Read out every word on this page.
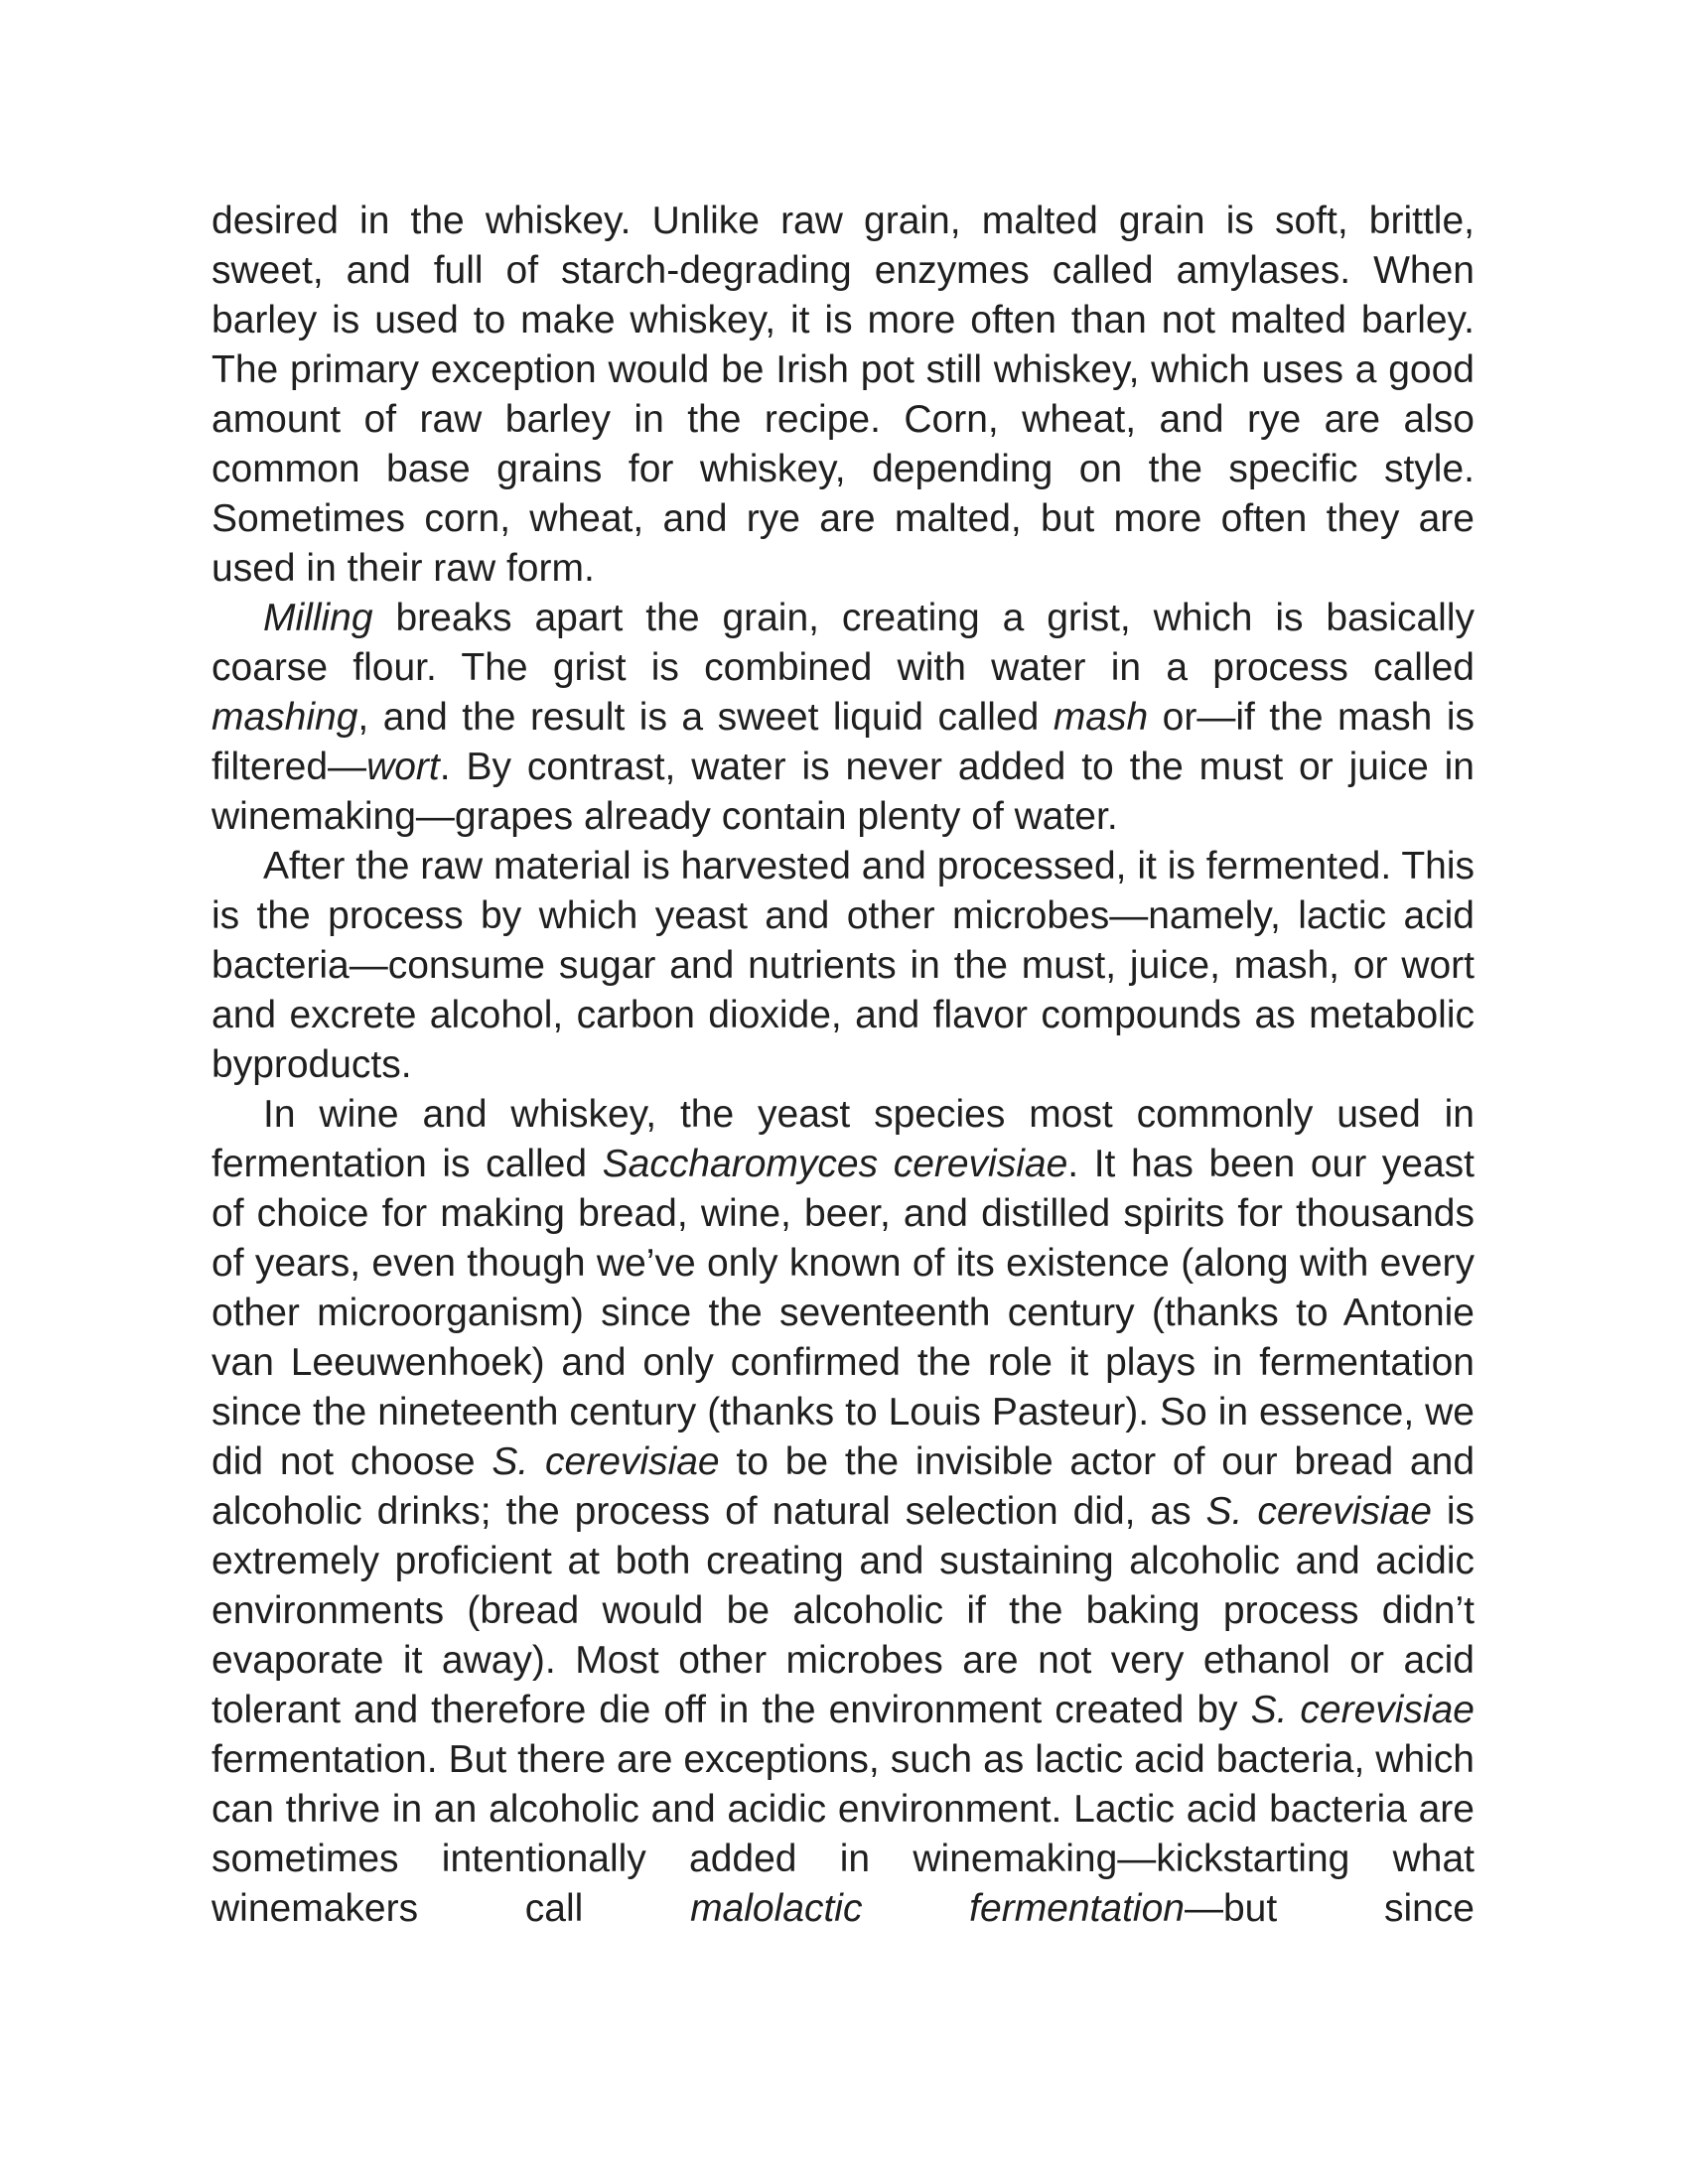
desired in the whiskey. Unlike raw grain, malted grain is soft, brittle, sweet, and full of starch-degrading enzymes called amylases. When barley is used to make whiskey, it is more often than not malted barley. The primary exception would be Irish pot still whiskey, which uses a good amount of raw barley in the recipe. Corn, wheat, and rye are also common base grains for whiskey, depending on the specific style. Sometimes corn, wheat, and rye are malted, but more often they are used in their raw form.

Milling breaks apart the grain, creating a grist, which is basically coarse flour. The grist is combined with water in a process called mashing, and the result is a sweet liquid called mash or—if the mash is filtered—wort. By contrast, water is never added to the must or juice in winemaking—grapes already contain plenty of water.

After the raw material is harvested and processed, it is fermented. This is the process by which yeast and other microbes—namely, lactic acid bacteria—consume sugar and nutrients in the must, juice, mash, or wort and excrete alcohol, carbon dioxide, and flavor compounds as metabolic byproducts.

In wine and whiskey, the yeast species most commonly used in fermentation is called Saccharomyces cerevisiae. It has been our yeast of choice for making bread, wine, beer, and distilled spirits for thousands of years, even though we’ve only known of its existence (along with every other microorganism) since the seventeenth century (thanks to Antonie van Leeuwenhoek) and only confirmed the role it plays in fermentation since the nineteenth century (thanks to Louis Pasteur). So in essence, we did not choose S. cerevisiae to be the invisible actor of our bread and alcoholic drinks; the process of natural selection did, as S. cerevisiae is extremely proficient at both creating and sustaining alcoholic and acidic environments (bread would be alcoholic if the baking process didn’t evaporate it away). Most other microbes are not very ethanol or acid tolerant and therefore die off in the environment created by S. cerevisiae fermentation. But there are exceptions, such as lactic acid bacteria, which can thrive in an alcoholic and acidic environment. Lactic acid bacteria are sometimes intentionally added in winemaking—kickstarting what winemakers call malolactic fermentation—but since
